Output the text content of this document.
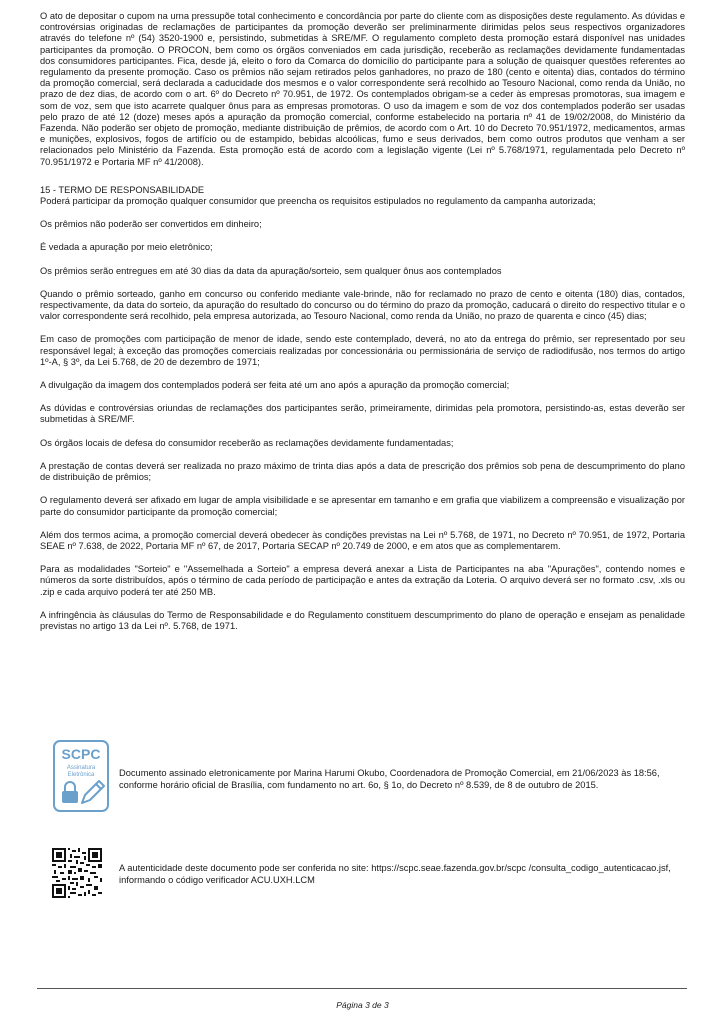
O ato de depositar o cupom na urna pressupõe total conhecimento e concordância por parte do cliente com as disposições deste regulamento. As dúvidas e controvérsias originadas de reclamações de participantes da promoção deverão ser preliminarmente dirimidas pelos seus respectivos organizadores através do telefone nº (54) 3520-1900 e, persistindo, submetidas à SRE/MF. O regulamento completo desta promoção estará disponível nas unidades participantes da promoção. O PROCON, bem como os órgãos conveniados em cada jurisdição, receberão as reclamações devidamente fundamentadas dos consumidores participantes. Fica, desde já, eleito o foro da Comarca do domicílio do participante para a solução de quaisquer questões referentes ao regulamento da presente promoção. Caso os prêmios não sejam retirados pelos ganhadores, no prazo de 180 (cento e oitenta) dias, contados do término da promoção comercial, será declarada a caducidade dos mesmos e o valor correspondente será recolhido ao Tesouro Nacional, como renda da União, no prazo de dez dias, de acordo com o art. 6º do Decreto nº 70.951, de 1972. Os contemplados obrigam-se a ceder às empresas promotoras, sua imagem e som de voz, sem que isto acarrete qualquer ônus para as empresas promotoras. O uso da imagem e som de voz dos contemplados poderão ser usadas pelo prazo de até 12 (doze) meses após a apuração da promoção comercial, conforme estabelecido na portaria nº 41 de 19/02/2008, do Ministério da Fazenda. Não poderão ser objeto de promoção, mediante distribuição de prêmios, de acordo com o Art. 10 do Decreto 70.951/1972, medicamentos, armas e munições, explosivos, fogos de artifício ou de estampido, bebidas alcoólicas, fumo e seus derivados, bem como outros produtos que venham a ser relacionados pelo Ministério da Fazenda. Esta promoção está de acordo com a legislação vigente (Lei nº 5.768/1971, regulamentada pelo Decreto nº 70.951/1972 e Portaria MF nº 41/2008).

15 - TERMO DE RESPONSABILIDADE

Poderá participar da promoção qualquer consumidor que preencha os requisitos estipulados no regulamento da campanha autorizada;

Os prêmios não poderão ser convertidos em dinheiro;

É vedada a apuração por meio eletrônico;

Os prêmios serão entregues em até 30 dias da data da apuração/sorteio, sem qualquer ônus aos contemplados

Quando o prêmio sorteado, ganho em concurso ou conferido mediante vale-brinde, não for reclamado no prazo de cento e oitenta (180) dias, contados, respectivamente, da data do sorteio, da apuração do resultado do concurso ou do término do prazo da promoção, caducará o direito do respectivo titular e o valor correspondente será recolhido, pela empresa autorizada, ao Tesouro Nacional, como renda da União, no prazo de quarenta e cinco (45) dias;

Em caso de promoções com participação de menor de idade, sendo este contemplado, deverá, no ato da entrega do prêmio, ser representado por seu responsável legal; à exceção das promoções comerciais realizadas por concessionária ou permissionária de serviço de radiodifusão, nos termos do artigo 1º-A, § 3º, da Lei 5.768, de 20 de dezembro de 1971;

A divulgação da imagem dos contemplados poderá ser feita até um ano após a apuração da promoção comercial;

As dúvidas e controvérsias oriundas de reclamações dos participantes serão, primeiramente, dirimidas pela promotora, persistindo-as, estas deverão ser submetidas à SRE/MF.

Os órgãos locais de defesa do consumidor receberão as reclamações devidamente fundamentadas;

A prestação de contas deverá ser realizada no prazo máximo de trinta dias após a data de prescrição dos prêmios sob pena de descumprimento do plano de distribuição de prêmios;

O regulamento deverá ser afixado em lugar de ampla visibilidade e se apresentar em tamanho e em grafia que viabilizem a compreensão e visualização por parte do consumidor participante da promoção comercial;

Além dos termos acima, a promoção comercial deverá obedecer às condições previstas na Lei nº 5.768, de 1971, no Decreto nº 70.951, de 1972, Portaria SEAE nº 7.638, de 2022, Portaria MF nº 67, de 2017, Portaria SECAP nº 20.749 de 2000, e em atos que as complementarem.

Para as modalidades "Sorteio" e "Assemelhada a Sorteio" a empresa deverá anexar a Lista de Participantes na aba "Apurações", contendo nomes e números da sorte distribuídos, após o término de cada período de participação e antes da extração da Loteria. O arquivo deverá ser no formato .csv, .xls ou .zip e cada arquivo poderá ter até 250 MB.

A infringência às cláusulas do Termo de Responsabilidade e do Regulamento constituem descumprimento do plano de operação e ensejam as penalidade previstas no artigo 13 da Lei nº. 5.768, de 1971.

SCPC
Assinatura
Eletrônica	Documento assinado eletronicamente por Marina Harumi Okubo, Coordenadora de Promoção Comercial, em 21/06/2023 às 18:56, conforme horário oficial de Brasília, com fundamento no art. 6o, § 1o, do Decreto nº 8.539, de 8 de outubro de 2015.
A autenticidade deste documento pode ser conferida no site: https://scpc.seae.fazenda.gov.br/scpc /consulta_codigo_autenticacao.jsf, informando o código verificador ACU.UXH.LCM
Página 3 de 3
